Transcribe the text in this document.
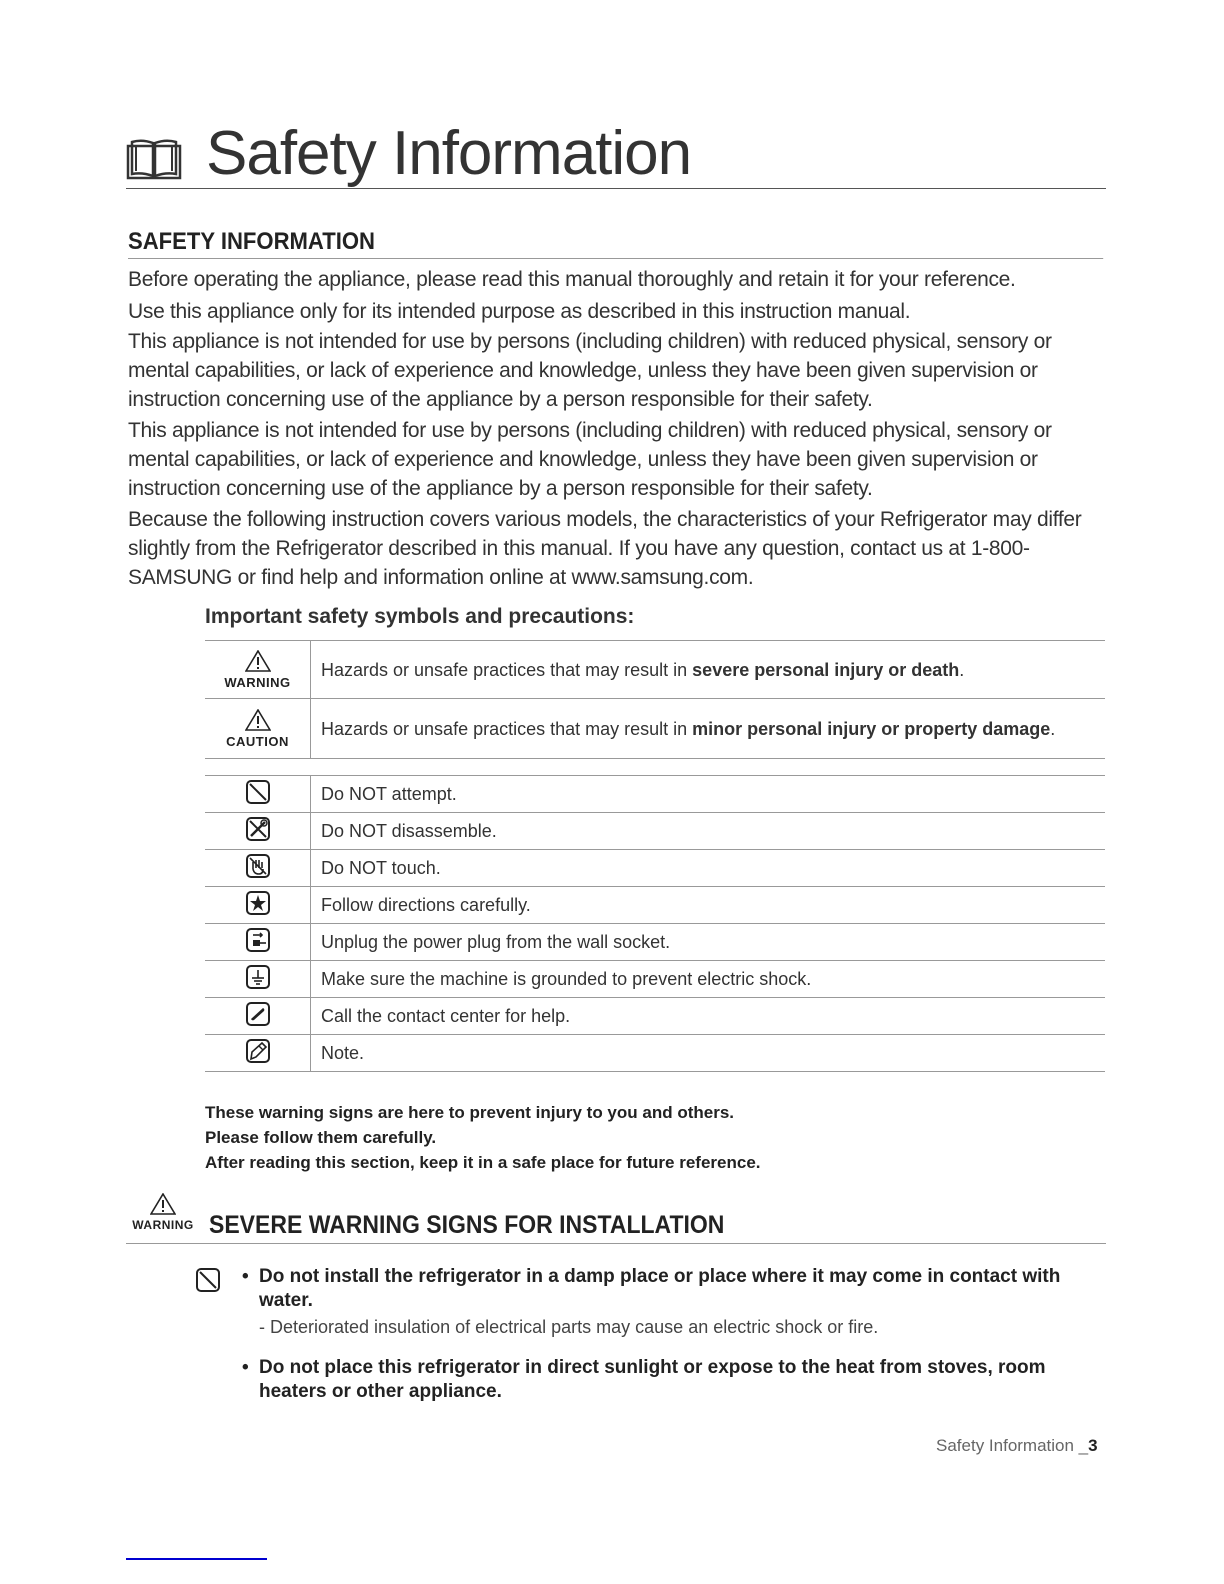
Safety Information
SAFETY INFORMATION

Before operating the appliance, please read this manual thoroughly and retain it for your reference.

Use this appliance only for its intended purpose as described in this instruction manual.

This appliance is not intended for use by persons (including children) with reduced physical, sensory or mental capabilities, or lack of experience and knowledge, unless they have been given supervision or instruction concerning use of the appliance by a person responsible for their safety.

This appliance is not intended for use by persons (including children) with reduced physical, sensory or mental capabilities, or lack of experience and knowledge, unless they have been given supervision or instruction concerning use of the appliance by a person responsible for their safety.

Because the following instruction covers various models, the characteristics of your Refrigerator may differ slightly from the Refrigerator described in this manual. If you have any question, contact us at 1-800-SAMSUNG or find help and information online at www.samsung.com.

Important safety symbols and precautions:
WARNING	Hazards or unsafe practices that may result in severe personal injury or death.

CAUTION	Hazards or unsafe practices that may result in minor personal injury or property damage.
	Do NOT attempt.
	Do NOT disassemble.
	Do NOT touch.
	Follow directions carefully.
	Unplug the power plug from the wall socket.
	Make sure the machine is grounded to prevent electric shock.
	Call the contact center for help.
	Note.
These warning signs are here to prevent injury to you and others.
Please follow them carefully.
After reading this section, keep it in a safe place for future reference.
WARNING SEVERE WARNING SIGNS FOR INSTALLATION
• Do not install the refrigerator in a damp place or place where it may come in contact with water.
- Deteriorated insulation of electrical parts may cause an electric shock or fire.
• Do not place this refrigerator in direct sunlight or expose to the heat from stoves, room heaters or other appliance.
Safety Information _3
